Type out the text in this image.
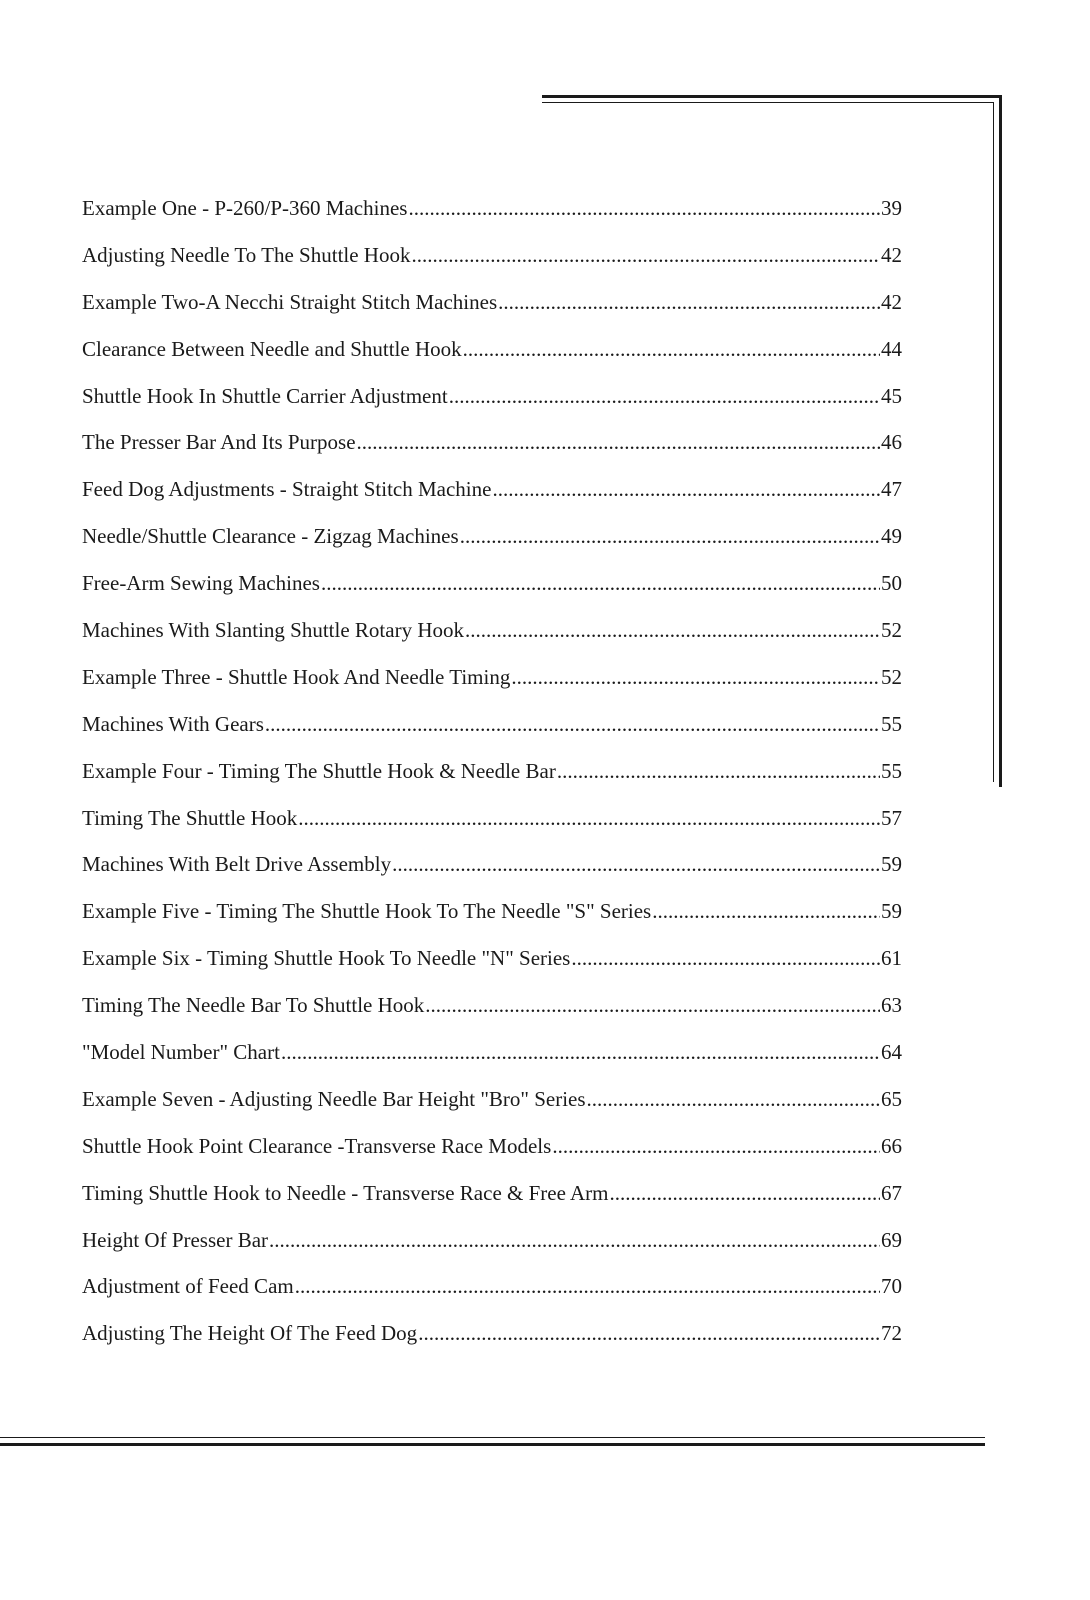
Example One - P-260/P-360 Machines .....	39
Adjusting Needle To The Shuttle Hook .....	42
Example Two-A Necchi Straight Stitch Machines .....	42
Clearance Between Needle and Shuttle Hook .....	44
Shuttle Hook In Shuttle Carrier Adjustment .....	45
The Presser Bar And Its Purpose .....	46
Feed Dog Adjustments - Straight Stitch Machine .....	47
Needle/Shuttle Clearance - Zigzag Machines .....	49
Free-Arm Sewing Machines .....	50
Machines With Slanting Shuttle Rotary Hook .....	52
Example Three - Shuttle Hook And Needle Timing .....	52
Machines With Gears .....	55
Example Four - Timing The Shuttle Hook & Needle Bar .....	55
Timing The Shuttle Hook .....	57
Machines With Belt Drive Assembly .....	59
Example Five - Timing The Shuttle Hook To The Needle "S" Series .....	59
Example Six - Timing Shuttle Hook To Needle "N" Series .....	61
Timing The Needle Bar To Shuttle Hook .....	63
"Model Number" Chart .....	64
Example Seven - Adjusting Needle Bar Height "Bro" Series .....	65
Shuttle Hook Point Clearance -Transverse Race Models .....	66
Timing Shuttle Hook to Needle - Transverse Race & Free Arm .....	67
Height Of Presser Bar .....	69
Adjustment of Feed Cam .....	70
Adjusting The Height Of The Feed Dog .....	72
